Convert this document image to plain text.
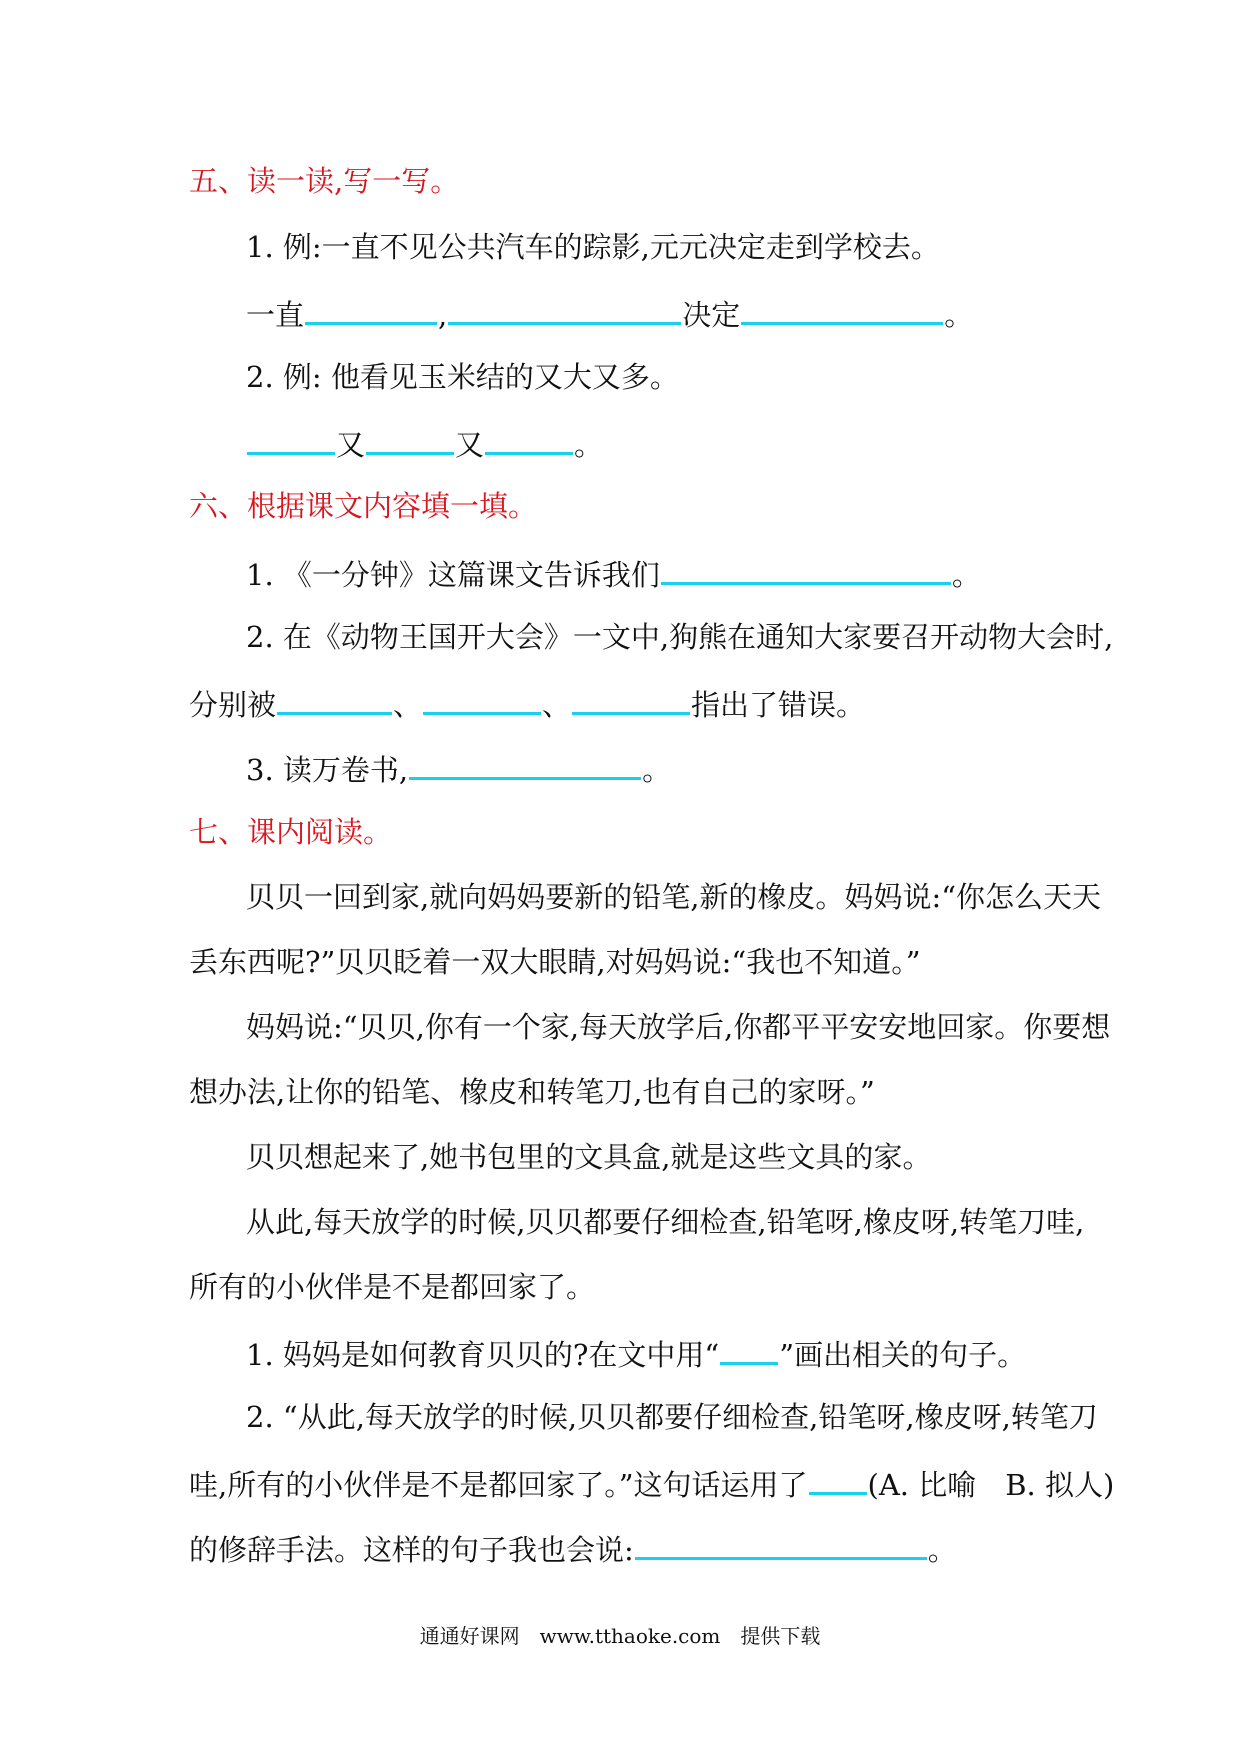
五、读一读,写一写。
1. 例:一直不见公共汽车的踪影,元元决定走到学校去。
一直	,	决定	。
2. 例: 他看见玉米结的又大又多。
又	又	。
六、根据课文内容填一填。
1. 《一分钟》这篇课文告诉我们	。
2. 在《动物王国开大会》一文中,狗熊在通知大家要召开动物大会时,
分别被	、	、	指出了错误。
3. 读万卷书,	。
七、课内阅读。
贝贝一回到家,就向妈妈要新的铅笔,新的橡皮。妈妈说:“你怎么天天
丢东西呢?”贝贝眨着一双大眼睛,对妈妈说:“我也不知道。”
妈妈说:“贝贝,你有一个家,每天放学后,你都平平安安地回家。你要想
想办法,让你的铅笔、橡皮和转笔刀,也有自己的家呀。”
贝贝想起来了,她书包里的文具盒,就是这些文具的家。
从此,每天放学的时候,贝贝都要仔细检查,铅笔呀,橡皮呀,转笔刀哇,
所有的小伙伴是不是都回家了。
1. 妈妈是如何教育贝贝的?在文中用“ ”画出相关的句子。
2. “从此,每天放学的时候,贝贝都要仔细检查,铅笔呀,橡皮呀,转笔刀
哇,所有的小伙伴是不是都回家了。”这句话运用了 (A. 比喻　B. 拟人)
的修辞手法。这样的句子我也会说:	。
通通好课网　www.tthaoke.com　提供下载
